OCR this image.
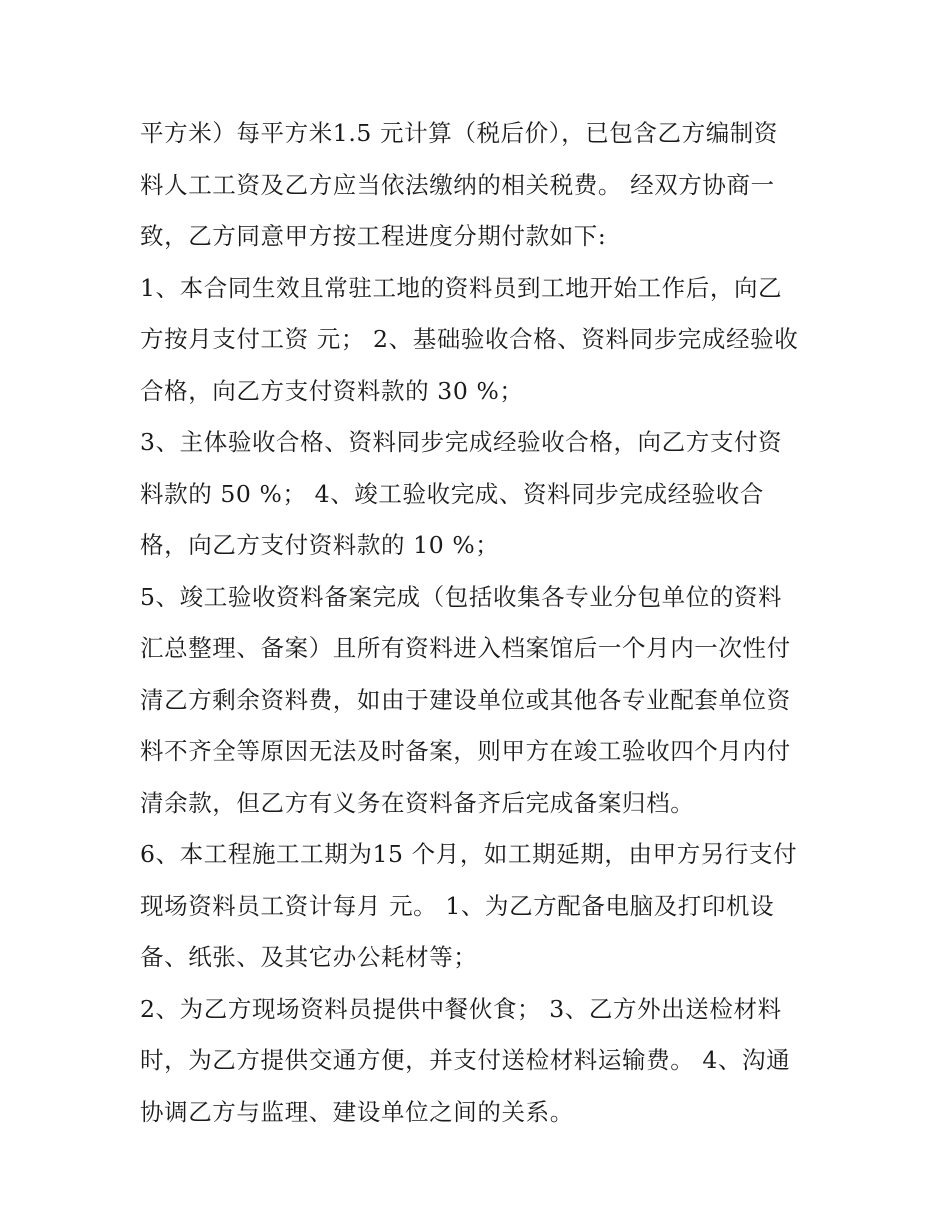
平方米）每平方米1.5 元计算（税后价），已包含乙方编制资
料人工工资及乙方应当依法缴纳的相关税费。 经双方协商一
致，乙方同意甲方按工程进度分期付款如下:
1、本合同生效且常驻工地的资料员到工地开始工作后，向乙
方按月支付工资 元； 2、基础验收合格、资料同步完成经验收
合格，向乙方支付资料款的 30 %；
3、主体验收合格、资料同步完成经验收合格，向乙方支付资
料款的 50 %； 4、竣工验收完成、资料同步完成经验收合
格，向乙方支付资料款的 10 %；
5、竣工验收资料备案完成（包括收集各专业分包单位的资料
汇总整理、备案）且所有资料进入档案馆后一个月内一次性付
清乙方剩余资料费，如由于建设单位或其他各专业配套单位资
料不齐全等原因无法及时备案，则甲方在竣工验收四个月内付
清余款，但乙方有义务在资料备齐后完成备案归档。
6、本工程施工工期为15 个月，如工期延期，由甲方另行支付
现场资料员工资计每月 元。 1、为乙方配备电脑及打印机设
备、纸张、及其它办公耗材等；
2、为乙方现场资料员提供中餐伙食； 3、乙方外出送检材料
时，为乙方提供交通方便，并支付送检材料运输费。 4、沟通
协调乙方与监理、建设单位之间的关系。
